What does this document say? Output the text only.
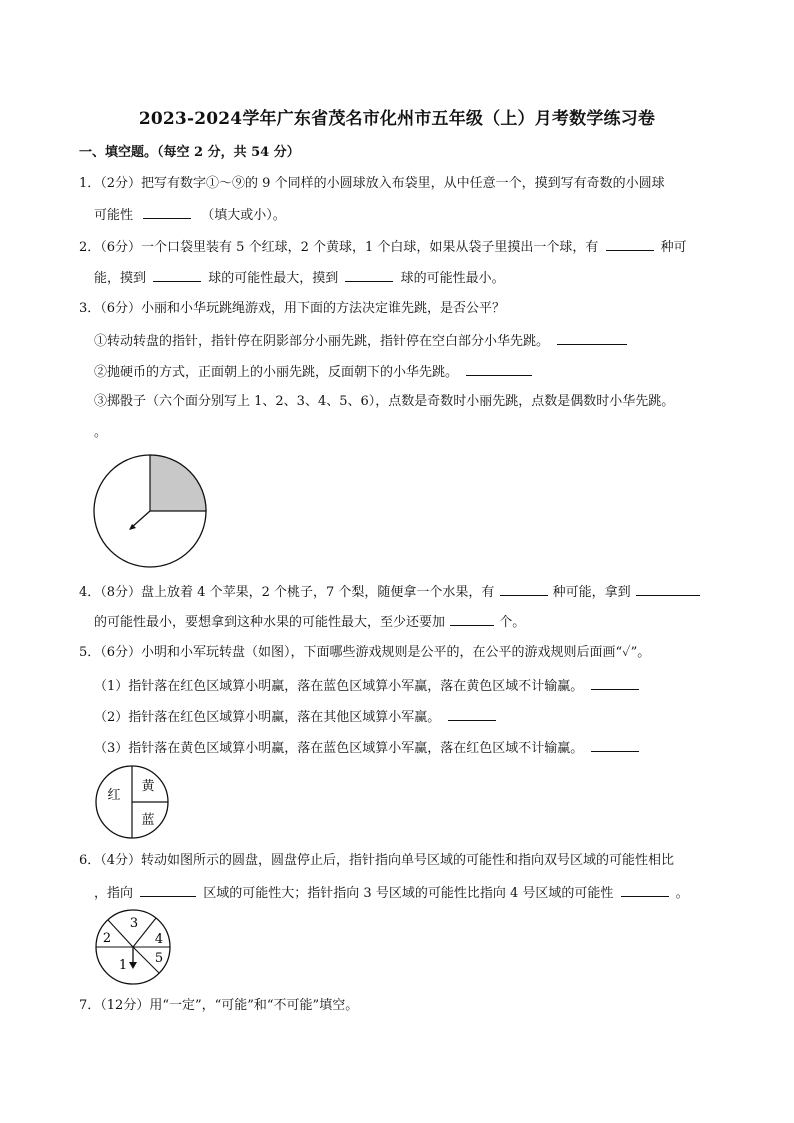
2023-2024学年广东省茂名市化州市五年级（上）月考数学练习卷
一、填空题。（每空 2 分，共 54 分）
1．（2分）把写有数字①～⑨的 9 个同样的小圆球放入布袋里，从中任意一个，摸到写有奇数的小圆球
可能性	（填大或小）。
2．（6分）一个口袋里装有 5 个红球，2 个黄球，1 个白球，如果从袋子里摸出一个球，有	种可
能，摸到	球的可能性最大，摸到	球的可能性最小。
3．（6分）小丽和小华玩跳绳游戏，用下面的方法决定谁先跳，是否公平？
①转动转盘的指针，指针停在阴影部分小丽先跳，指针停在空白部分小华先跳。
②抛硬币的方式，正面朝上的小丽先跳，反面朝下的小华先跳。
③掷骰子（六个面分别写上 1、2、3、4、5、6），点数是奇数时小丽先跳，点数是偶数时小华先跳。
。
4．（8分）盘上放着 4 个苹果，2 个桃子，7 个梨，随便拿一个水果，有	种可能，拿到
的可能性最小，要想拿到这种水果的可能性最大，至少还要加	个。
5．（6分）小明和小军玩转盘（如图），下面哪些游戏规则是公平的，在公平的游戏规则后面画“✓”。
（1）指针落在红色区域算小明赢，落在蓝色区域算小军赢，落在黄色区域不计输赢。
（2）指针落在红色区域算小明赢，落在其他区域算小军赢。
（3）指针落在黄色区域算小明赢，落在蓝色区域算小军赢，落在红色区域不计输赢。
红
黄
蓝
6．（4分）转动如图所示的圆盘，圆盘停止后，指针指向单号区域的可能性和指向双号区域的可能性相比
，指向	区域的可能性大；指针指向 3 号区域的可能性比指向 4 号区域的可能性	。
1
2
3
4
5
7．（12分）用“一定”，“可能”和“不可能”填空。
